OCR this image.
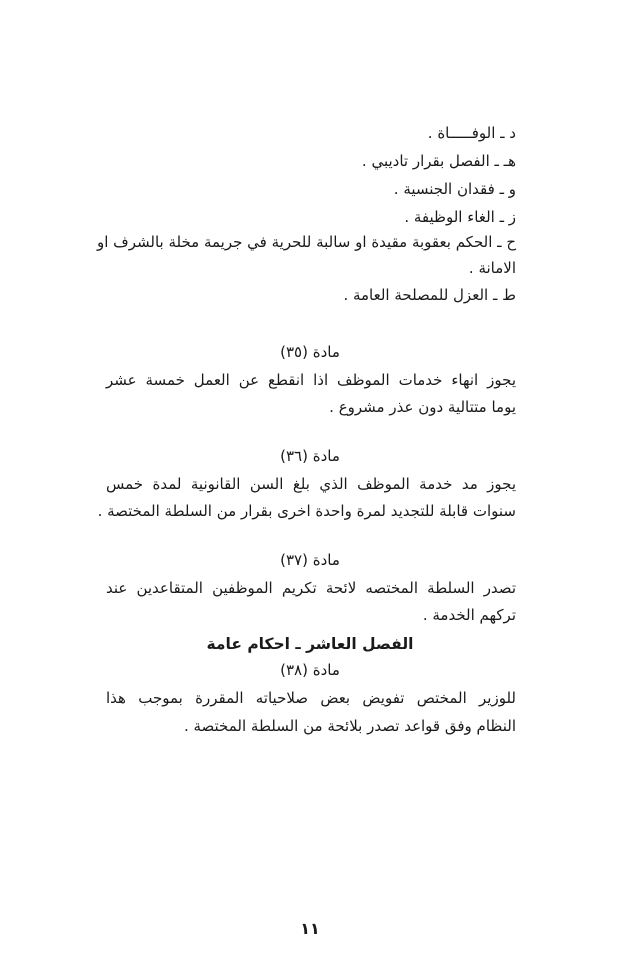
د ـ الوفـــــاة .
هـ ـ الفصل بقرار تاديبي .
و ـ فقدان الجنسية .
ز ـ الغاء الوظيفة .
ح ـ الحكم بعقوبة مقيدة او سالبة للحرية في جريمة مخلة بالشرف او
الامانة .
ط ـ العزل للمصلحة العامة .
مادة (٣٥)
يجوز انهاء خدمات الموظف اذا انقطع عن العمل خمسة عشر
يوما متتالية دون عذر مشروع .
مادة (٣٦)
يجوز مد خدمة الموظف الذي بلغ السن القانونية لمدة خمس
سنوات قابلة للتجديد لمرة واحدة اخرى بقرار من السلطة المختصة .
مادة (٣٧)
تصدر السلطة المختصه لائحة تكريم الموظفين المتقاعدين عند
تركهم الخدمة .
الفصل العاشر ـ احكام عامة
مادة (٣٨)
للوزير المختص تفويض بعض صلاحياته المقررة بموجب هذا
النظام وفق قواعد تصدر بلائحة من السلطة المختصة .
١١
